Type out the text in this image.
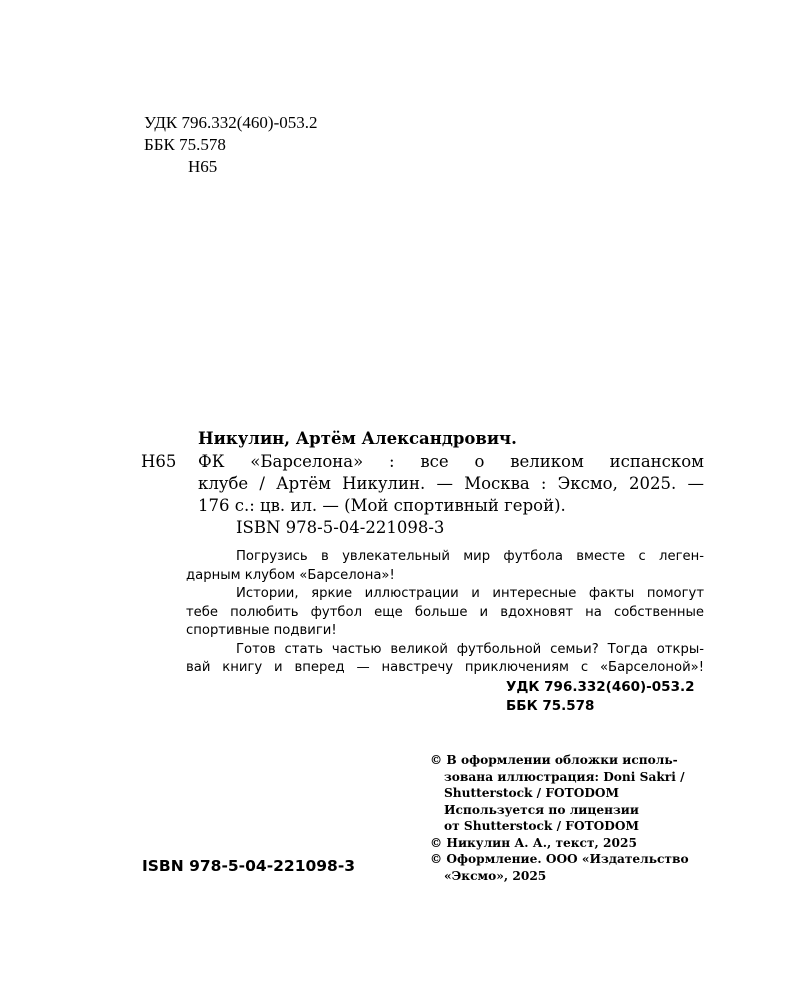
УДК 796.332(460)-053.2
ББК 75.578
Н65
Никулин, Артём Александрович.
Н65 ФК «Барселона» : все о великом испанском
клубе / Артём Никулин. — Москва : Эксмо, 2025. —
176 с.: цв. ил. — (Мой спортивный герой).
ISBN 978-5-04-221098-3
Погрузись в увлекательный мир футбола вместе с леген-
дарным клубом «Барселона»!
Истории, яркие иллюстрации и интересные факты помогут
тебе полюбить футбол еще больше и вдохновят на собственные
спортивные подвиги!
Готов стать частью великой футбольной семьи? Тогда откры-
вай книгу и вперед — навстречу приключениям с «Барселоной»!
УДК 796.332(460)-053.2
ББК 75.578
© В оформлении обложки исполь-
зована иллюстрация: Doni Sakri /
Shutterstock / FOTODOM
Используется по лицензии
от Shutterstock / FOTODOM
© Никулин А. А., текст, 2025
© Оформление. ООО «Издательство
«Эксмо», 2025
ISBN 978-5-04-221098-3
